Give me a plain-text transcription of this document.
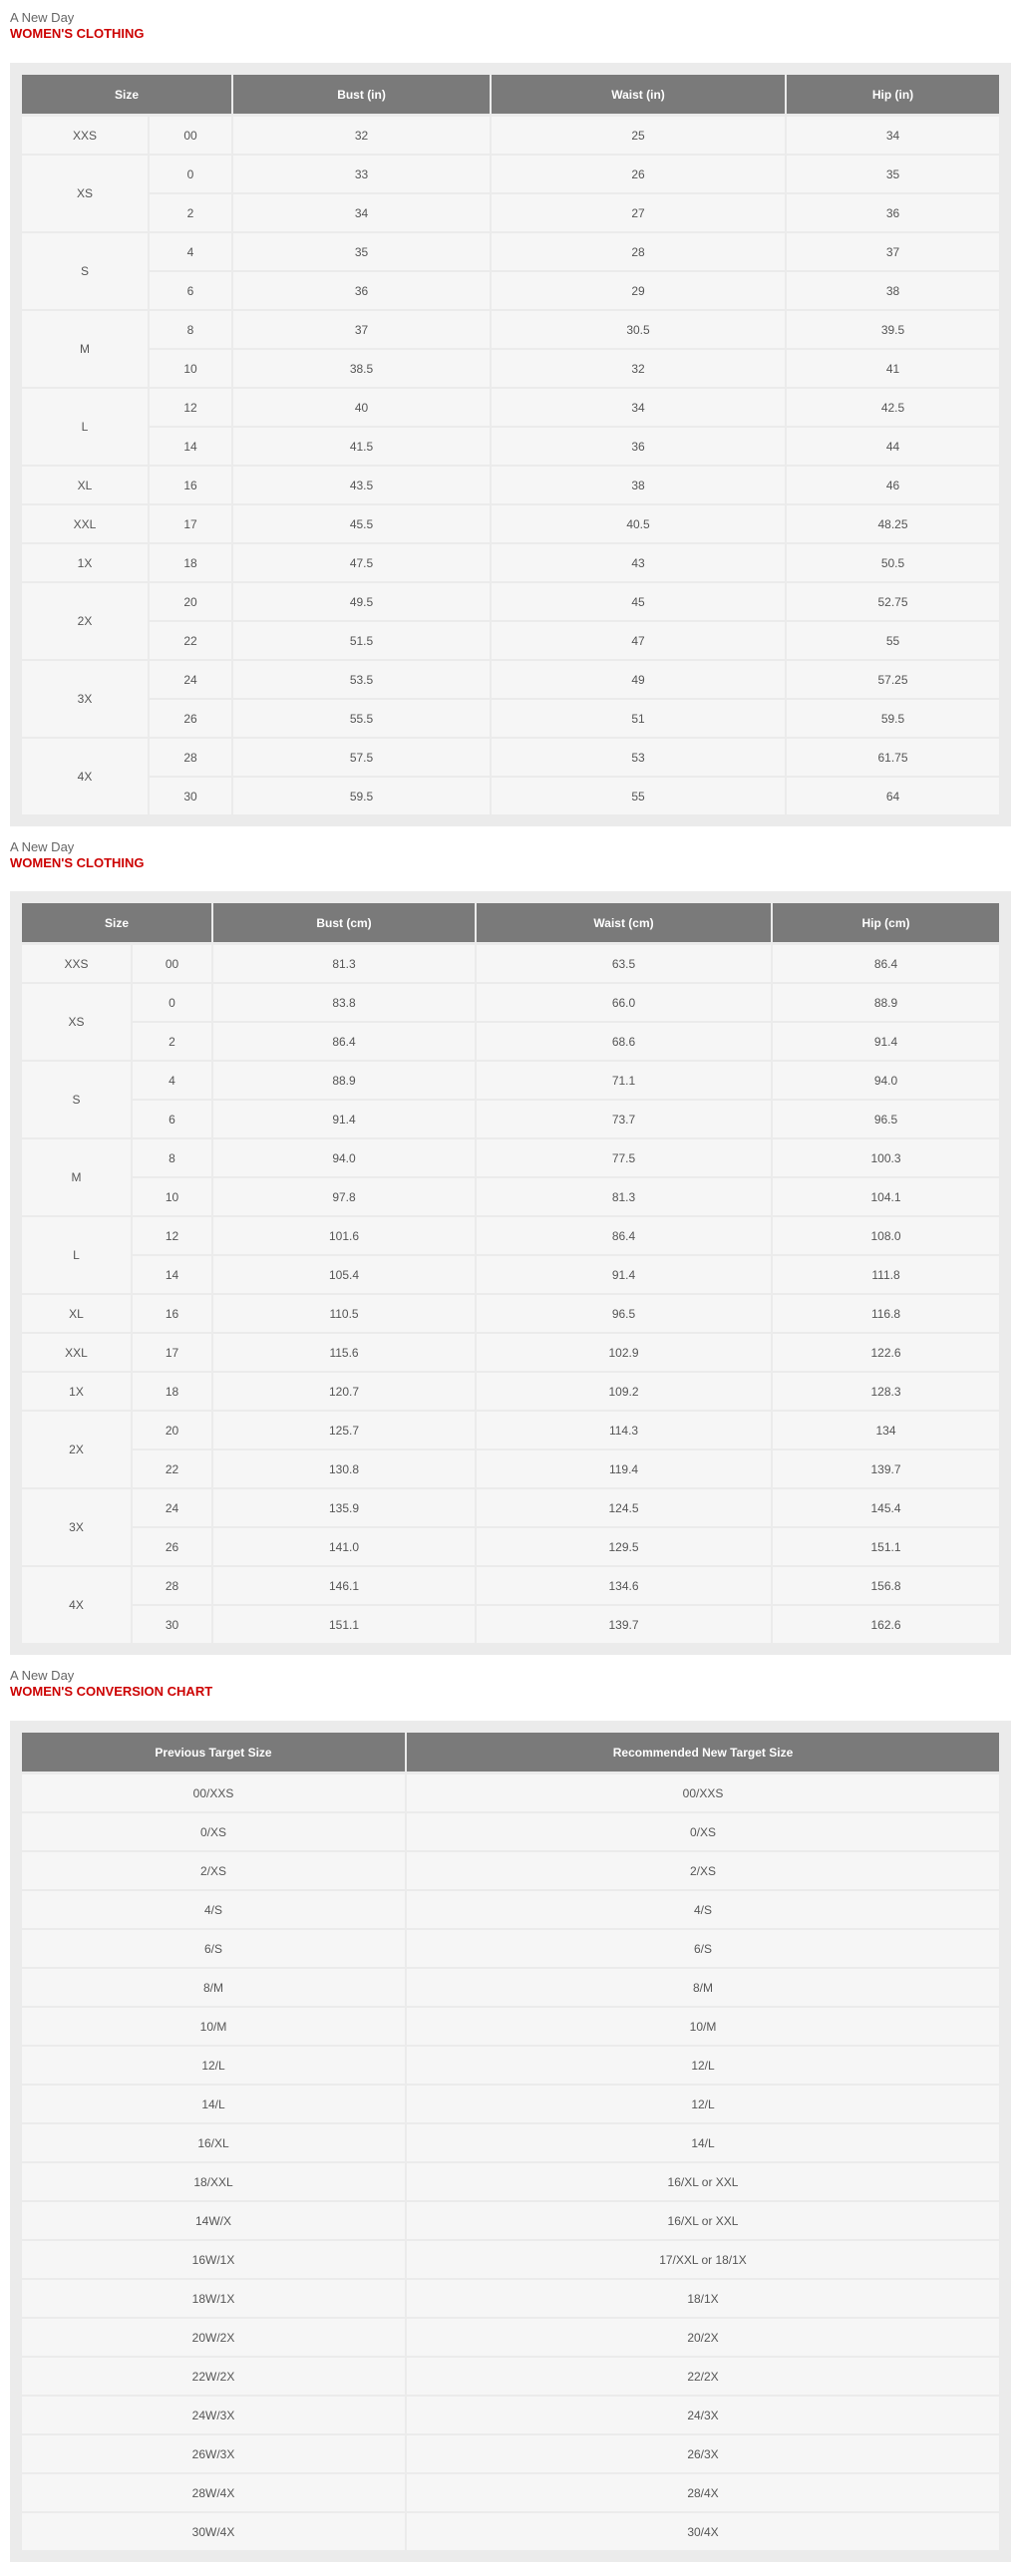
A New Day
WOMEN'S CLOTHING
Size		Bust (in)	Waist (in)	Hip (in)
XXS	00	32	25	34
XS	0	33	26	35
	2	34	27	36
S	4	35	28	37
	6	36	29	38
M	8	37	30.5	39.5
	10	38.5	32	41
L	12	40	34	42.5
	14	41.5	36	44
XL	16	43.5	38	46
XXL	17	45.5	40.5	48.25
1X	18	47.5	43	50.5
2X	20	49.5	45	52.75
	22	51.5	47	55
3X	24	53.5	49	57.25
	26	55.5	51	59.5
4X	28	57.5	53	61.75
	30	59.5	55	64
A New Day
WOMEN'S CLOTHING
Size		Bust (cm)	Waist (cm)	Hip (cm)
XXS	00	81.3	63.5	86.4
XS	0	83.8	66.0	88.9
	2	86.4	68.6	91.4
S	4	88.9	71.1	94.0
	6	91.4	73.7	96.5
M	8	94.0	77.5	100.3
	10	97.8	81.3	104.1
L	12	101.6	86.4	108.0
	14	105.4	91.4	111.8
XL	16	110.5	96.5	116.8
XXL	17	115.6	102.9	122.6
1X	18	120.7	109.2	128.3
2X	20	125.7	114.3	134
	22	130.8	119.4	139.7
3X	24	135.9	124.5	145.4
	26	141.0	129.5	151.1
4X	28	146.1	134.6	156.8
	30	151.1	139.7	162.6
A New Day
WOMEN'S CONVERSION CHART
Previous Target Size	Recommended New Target Size
00/XXS	00/XXS
0/XS	0/XS
2/XS	2/XS
4/S	4/S
6/S	6/S
8/M	8/M
10/M	10/M
12/L	12/L
14/L	12/L
16/XL	14/L
18/XXL	16/XL or XXL
14W/X	16/XL or XXL
16W/1X	17/XXL or 18/1X
18W/1X	18/1X
20W/2X	20/2X
22W/2X	22/2X
24W/3X	24/3X
26W/3X	26/3X
28W/4X	28/4X
30W/4X	30/4X
